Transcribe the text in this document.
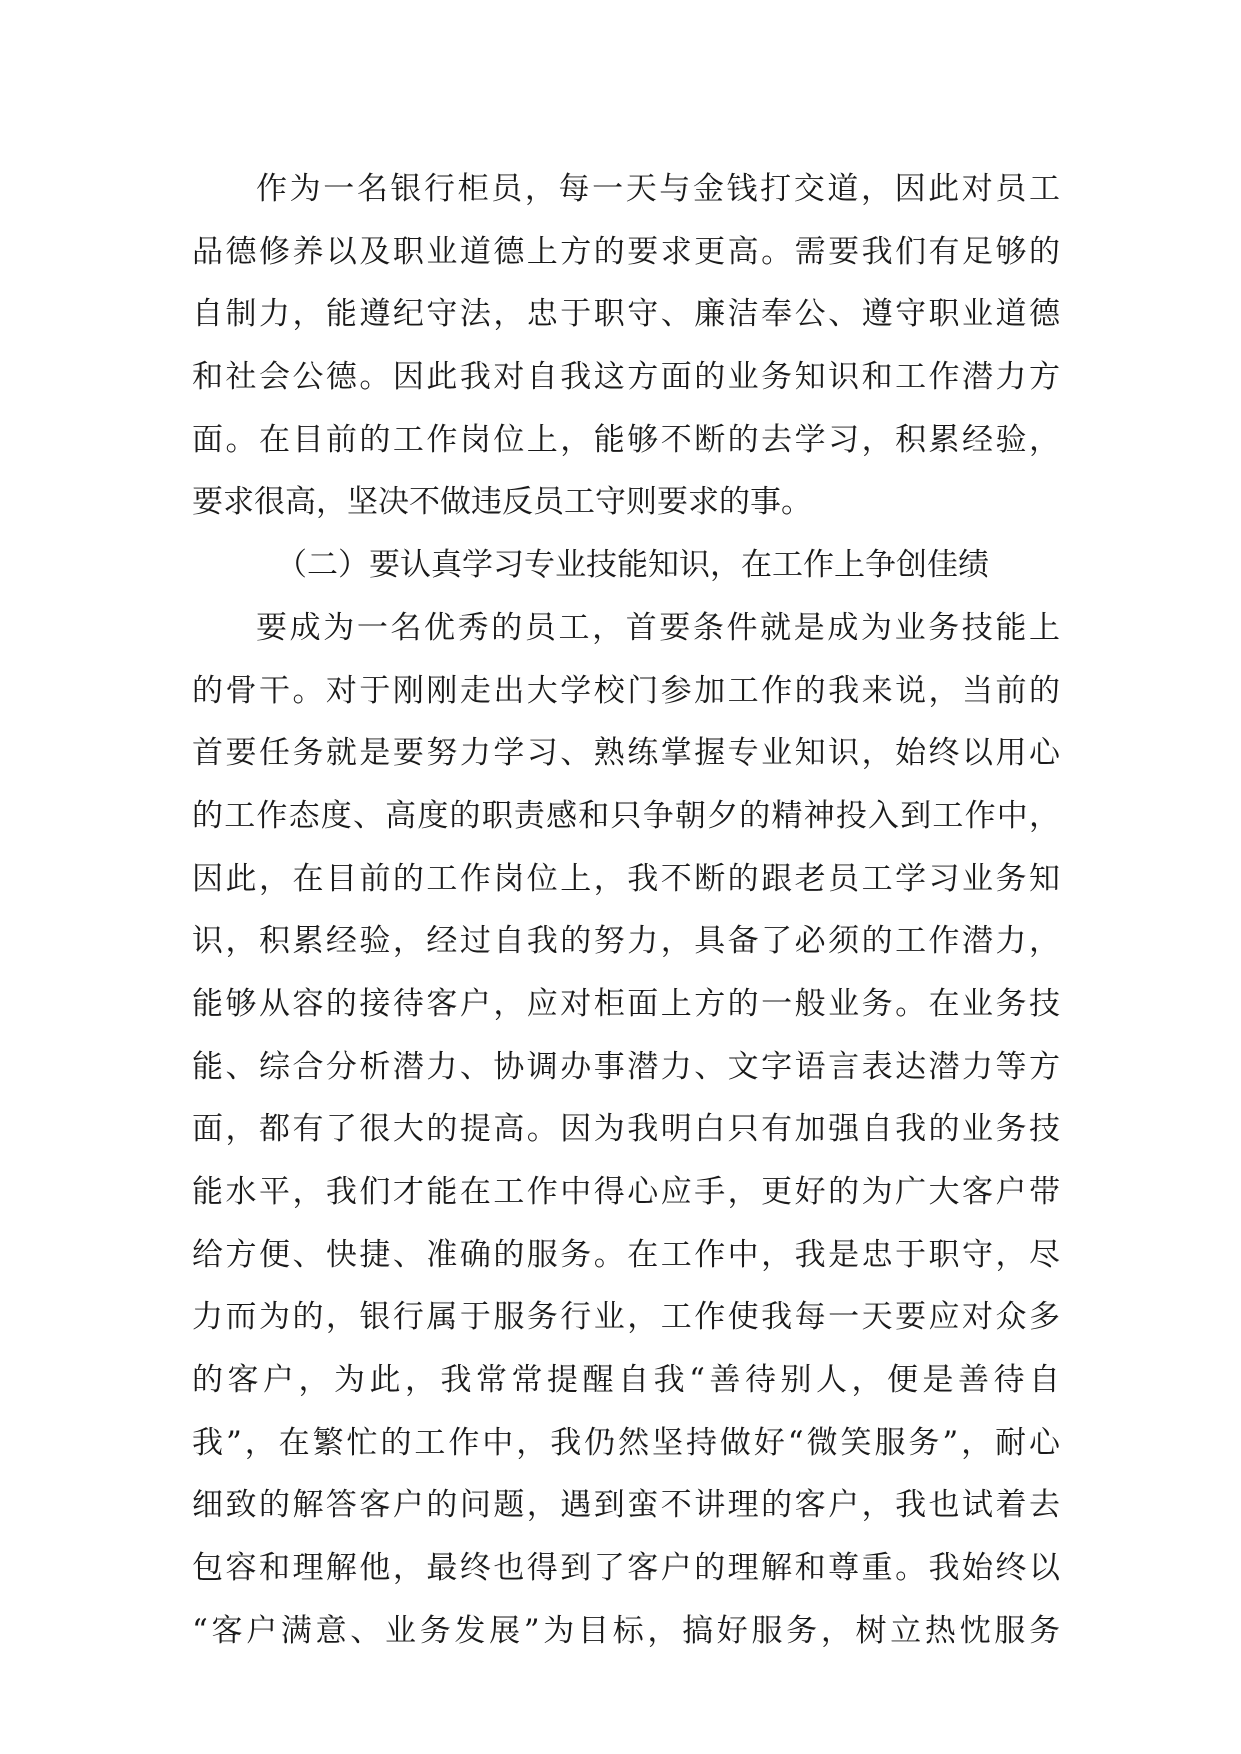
作为一名银行柜员，每一天与金钱打交道，因此对员工
品德修养以及职业道德上方的要求更高。需要我们有足够的
自制力，能遵纪守法，忠于职守、廉洁奉公、遵守职业道德
和社会公德。因此我对自我这方面的业务知识和工作潜力方
面。在目前的工作岗位上，能够不断的去学习，积累经验，
要求很高，坚决不做违反员工守则要求的事。
（二）要认真学习专业技能知识，在工作上争创佳绩
要成为一名优秀的员工，首要条件就是成为业务技能上
的骨干。对于刚刚走出大学校门参加工作的我来说，当前的
首要任务就是要努力学习、熟练掌握专业知识，始终以用心
的工作态度、高度的职责感和只争朝夕的精神投入到工作中，
因此，在目前的工作岗位上，我不断的跟老员工学习业务知
识，积累经验，经过自我的努力，具备了必须的工作潜力，
能够从容的接待客户，应对柜面上方的一般业务。在业务技
能、综合分析潜力、协调办事潜力、文字语言表达潜力等方
面，都有了很大的提高。因为我明白只有加强自我的业务技
能水平，我们才能在工作中得心应手，更好的为广大客户带
给方便、快捷、准确的服务。在工作中，我是忠于职守，尽
力而为的，银行属于服务行业，工作使我每一天要应对众多
的客户，为此，我常常提醒自我“善待别人，便是善待自
我”，在繁忙的工作中，我仍然坚持做好“微笑服务”，耐心
细致的解答客户的问题，遇到蛮不讲理的客户，我也试着去
包容和理解他，最终也得到了客户的理解和尊重。我始终以
“客户满意、业务发展”为目标，搞好服务，树立热忱服务
